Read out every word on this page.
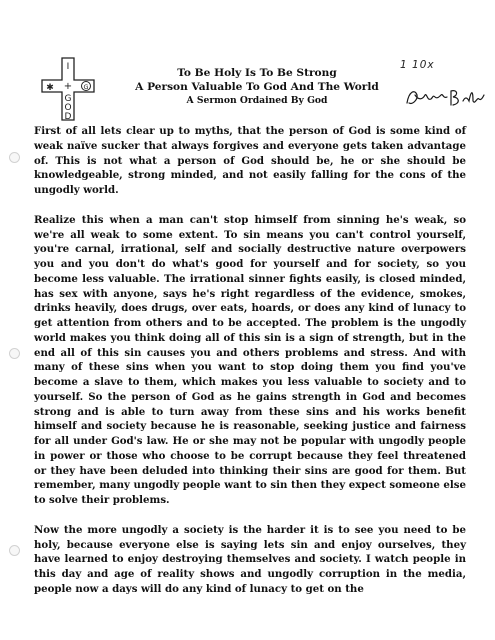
I
+
G
O
D
✱	G
To Be Holy Is To Be Strong
A Person Valuable To God And The World
A Sermon Ordained By God
1 10x

First of all lets clear up to myths, that the person of God is some kind of weak naïve sucker that always forgives and everyone gets taken advantage of. This is not what a person of God should be, he or she should be knowledgeable, strong minded, and not easily falling for the cons of the ungodly world.

Realize this when a man can't stop himself from sinning he's weak, so we're all weak to some extent. To sin means you can't control yourself, you're carnal, irrational, self and socially destructive nature overpowers you and you don't do what's good for yourself and for society, so you become less valuable. The irrational sinner fights easily, is closed minded, has sex with anyone, says he's right regardless of the evidence, smokes, drinks heavily, does drugs, over eats, hoards, or does any kind of lunacy to get attention from others and to be accepted. The problem is the ungodly world makes you think doing all of this sin is a sign of strength, but in the end all of this sin causes you and others problems and stress. And with many of these sins when you want to stop doing them you find you've become a slave to them, which makes you less valuable to society and to yourself. So the person of God as he gains strength in God and becomes strong and is able to turn away from these sins and his works benefit himself and society because he is reasonable, seeking justice and fairness for all under God's law. He or she may not be popular with ungodly people in power or those who choose to be corrupt because they feel threatened or they have been deluded into thinking their sins are good for them. But remember, many ungodly people want to sin then they expect someone else to solve their problems.

Now the more ungodly a society is the harder it is to see you need to be holy, because everyone else is saying lets sin and enjoy ourselves, they have learned to enjoy destroying themselves and society. I watch people in this day and age of reality shows and ungodly corruption in the media, people now a days will do any kind of lunacy to get on the
